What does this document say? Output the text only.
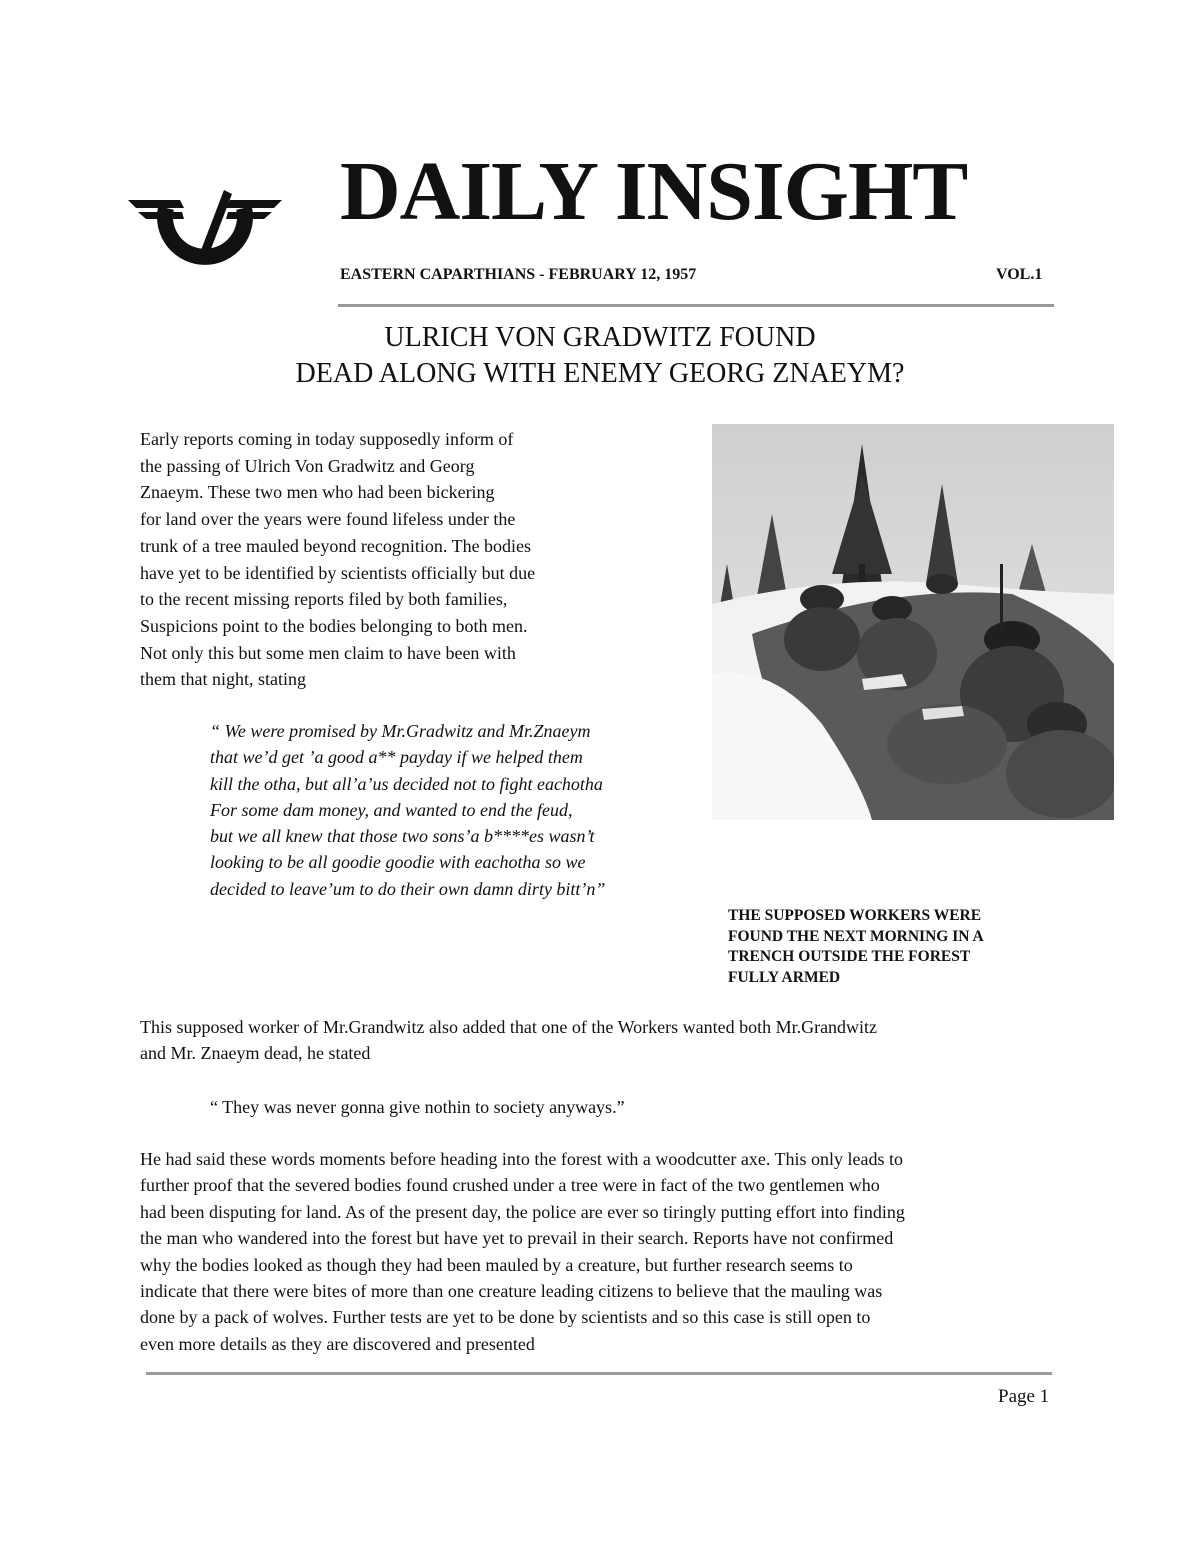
DAILY INSIGHT
EASTERN CAPARTHIANS - FEBRUARY 12, 1957	VOL.1
ULRICH VON GRADWITZ FOUND
DEAD ALONG WITH ENEMY GEORG ZNAEYM?
Early reports coming in today supposedly inform of
the passing of Ulrich Von Gradwitz and Georg
Znaeym. These two men who had been bickering
for land over the years were found lifeless under the
trunk of a tree mauled beyond recognition. The bodies
have yet to be identified by scientists officially but due
to the recent missing reports filed by both families,
Suspicions point to the bodies belonging to both men.
Not only this but some men claim to have been with
them that night, stating
“ We were promised by Mr.Gradwitz and Mr.Znaeym
that we’d get ’a good a** payday if we helped them
kill the otha, but all’a’us decided not to fight eachotha
For some dam money, and wanted to end the feud,
but we all knew that those two sons’a b****es wasn’t
looking to be all goodie goodie with eachotha so we
decided to leave’um to do their own damn dirty bitt’n”
THE SUPPOSED WORKERS WERE
FOUND THE NEXT MORNING IN A
TRENCH OUTSIDE THE FOREST
FULLY ARMED
This supposed worker of Mr.Grandwitz also added that one of the Workers wanted both Mr.Grandwitz
and Mr. Znaeym dead, he stated
“ They was never gonna give nothin to society anyways.”
He had said these words moments before heading into the forest with a woodcutter axe. This only leads to
further proof that the severed bodies found crushed under a tree were in fact of the two gentlemen who
had been disputing for land. As of the present day, the police are ever so tiringly putting effort into finding
the man who wandered into the forest but have yet to prevail in their search. Reports have not confirmed
why the bodies looked as though they had been mauled by a creature, but further research seems to
indicate that there were bites of more than one creature leading citizens to believe that the mauling was
done by a pack of wolves. Further tests are yet to be done by scientists and so this case is still open to
even more details as they are discovered and presented
Page 1
